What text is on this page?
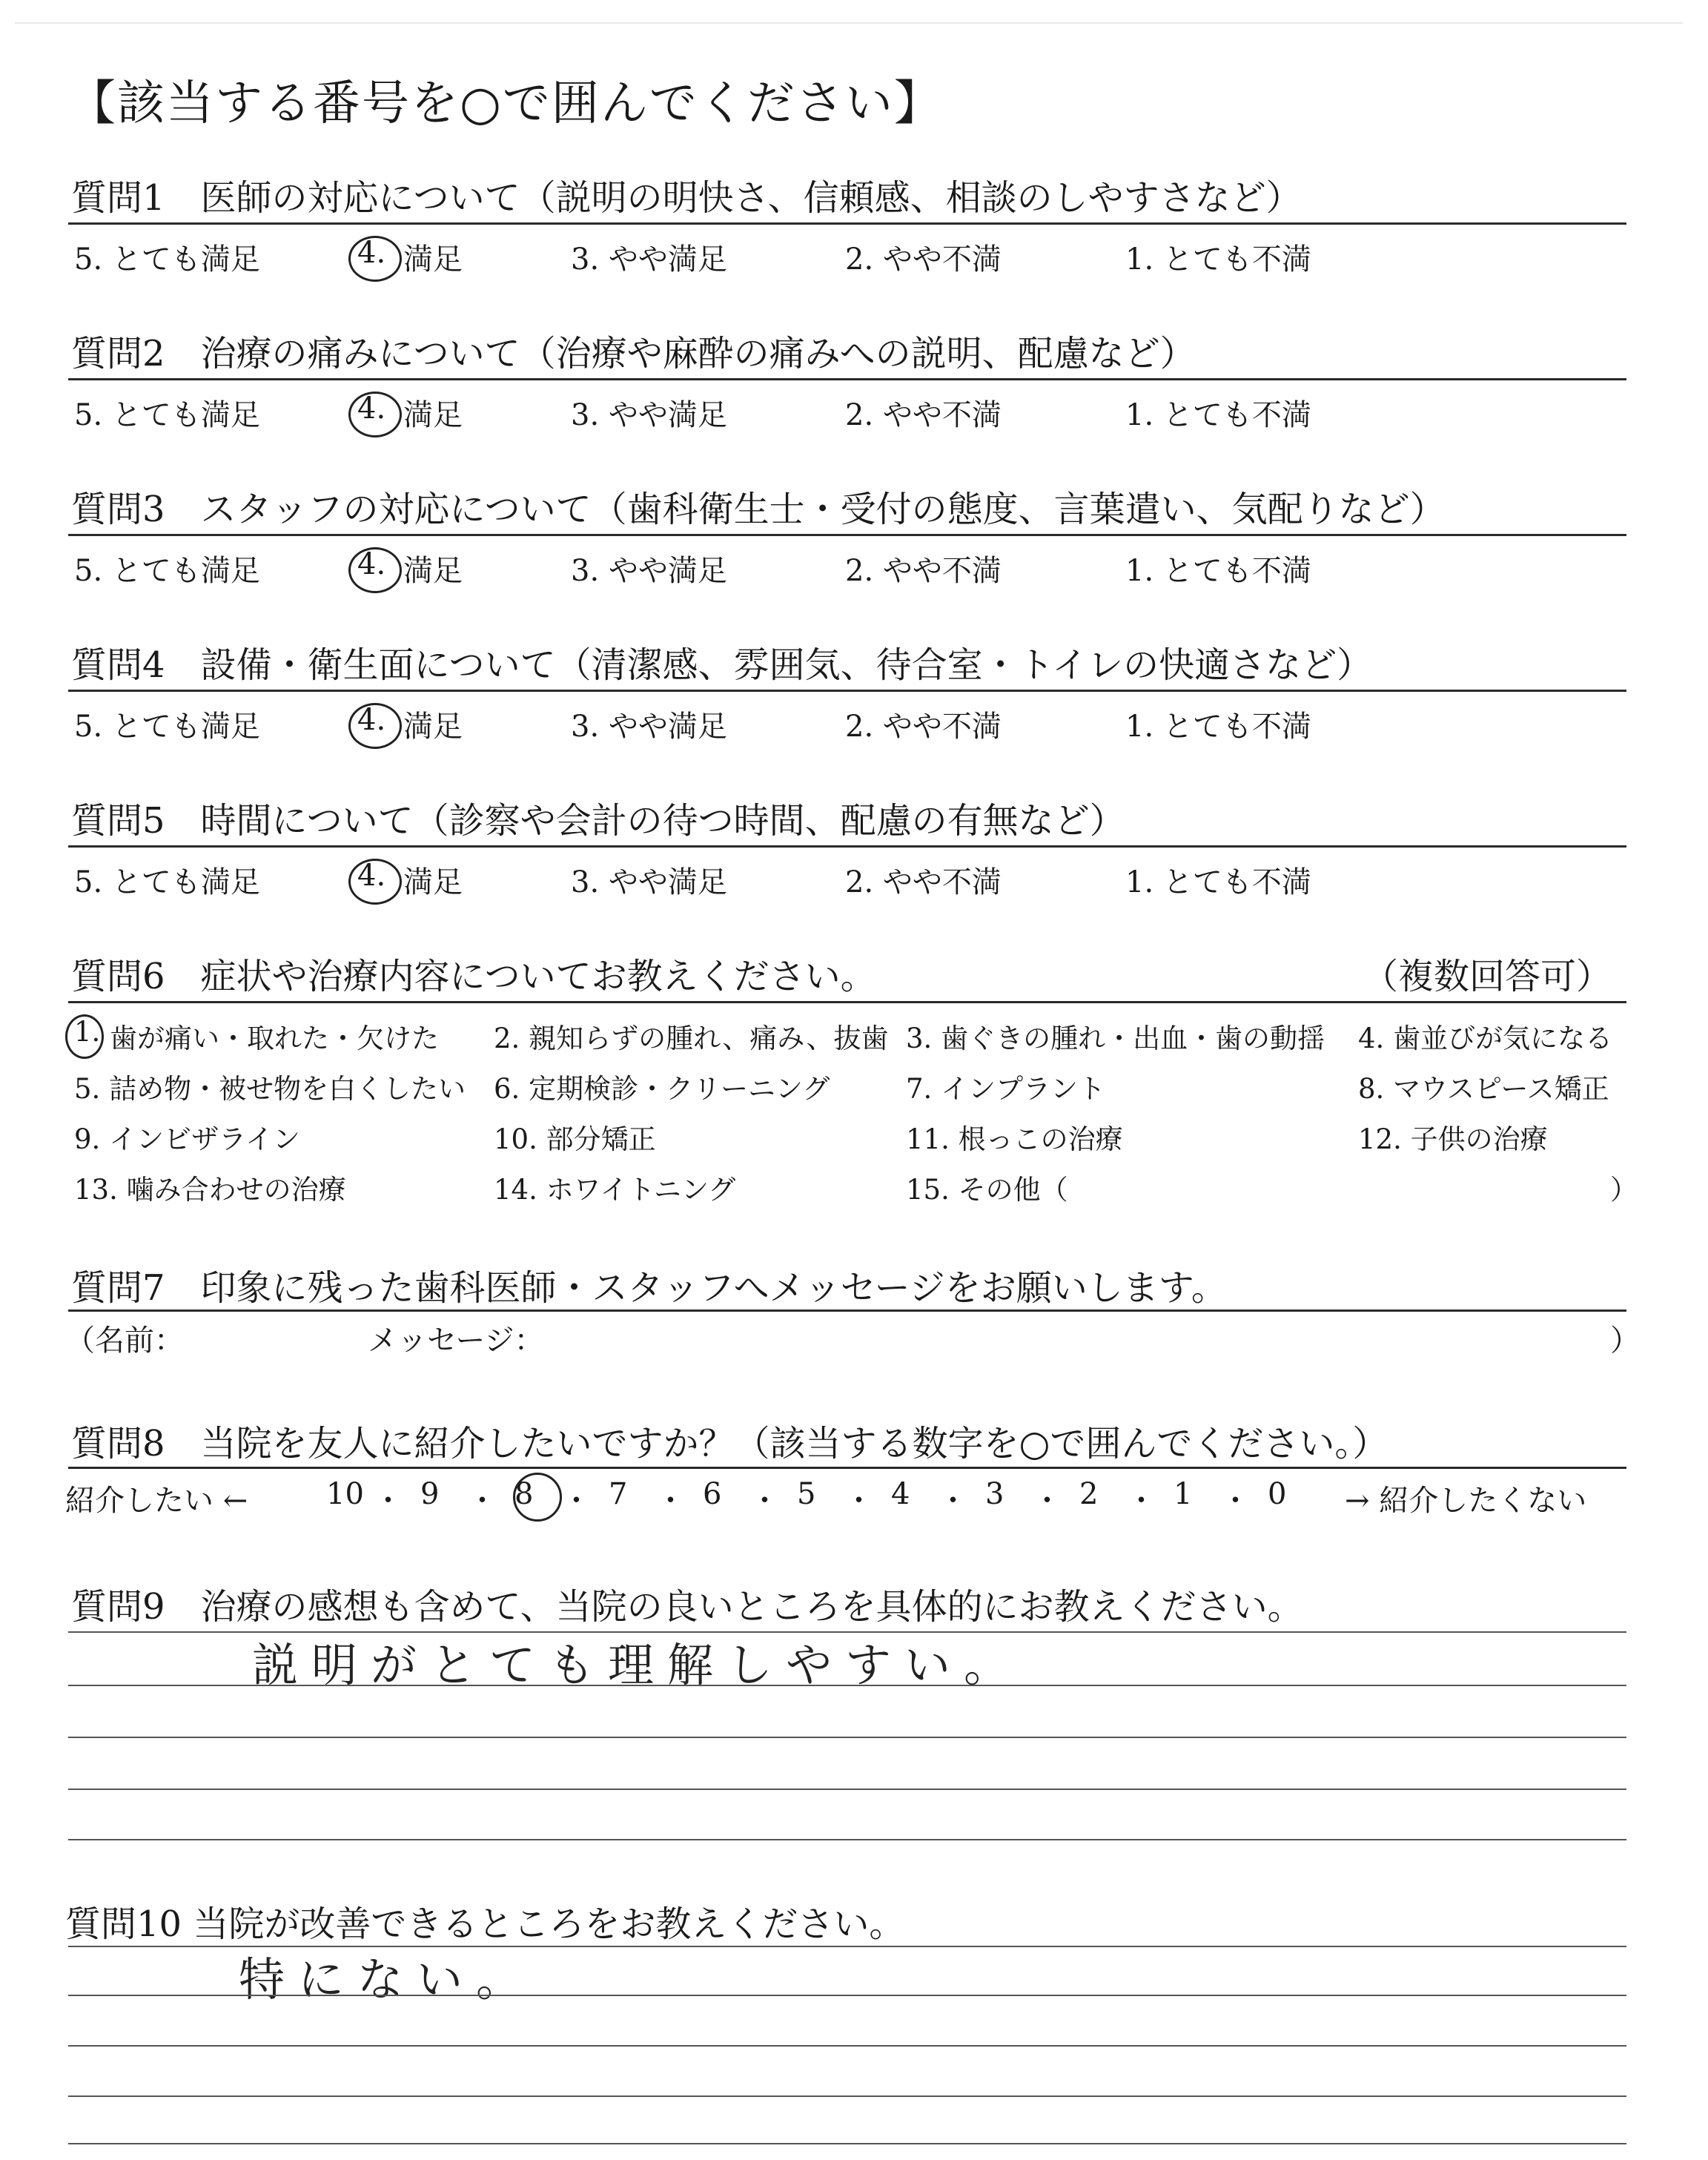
【該当する番号を○で囲んでください】
質問1　医師の対応について（説明の明快さ、信頼感、相談のしやすさなど）
5. とても満足	4. 満足	3. やや満足	2. やや不満	1. とても不満
質問2　治療の痛みについて（治療や麻酔の痛みへの説明、配慮など）
5. とても満足	4. 満足	3. やや満足	2. やや不満	1. とても不満
質問3　スタッフの対応について（歯科衛生士・受付の態度、言葉遣い、気配りなど）
5. とても満足	4. 満足	3. やや満足	2. やや不満	1. とても不満
質問4　設備・衛生面について（清潔感、雰囲気、待合室・トイレの快適さなど）
5. とても満足	4. 満足	3. やや満足	2. やや不満	1. とても不満
質問5　時間について（診察や会計の待つ時間、配慮の有無など）
5. とても満足	4. 満足	3. やや満足	2. やや不満	1. とても不満
質問6　症状や治療内容についてお教えください。	（複数回答可）
1. 歯が痛い・取れた・欠けた 2. 親知らずの腫れ、痛み、抜歯 3. 歯ぐきの腫れ・出血・歯の動揺 4. 歯並びが気になる
5. 詰め物・被せ物を白くしたい 6. 定期検診・クリーニング	7. インプラント	8. マウスピース矯正
9. インビザライン	10. 部分矯正	11. 根っこの治療	12. 子供の治療
13. 噛み合わせの治療	14. ホワイトニング	15. その他（	）
質問7　印象に残った歯科医師・スタッフへメッセージをお願いします。
（名前：	メッセージ：	）
質問8　当院を友人に紹介したいですか？（該当する数字を○で囲んでください。）
紹介したい ←	10 ・ 9 ・ 8 ・ 7 ・ 6 ・ 5 ・ 4 ・ 3 ・ 2 ・ 1 ・ 0 → 紹介したくない
質問9　治療の感想も含めて、当院の良いところを具体的にお教えください。
説明がとても理解しやすい。
質問10 当院が改善できるところをお教えください。
特にない。
